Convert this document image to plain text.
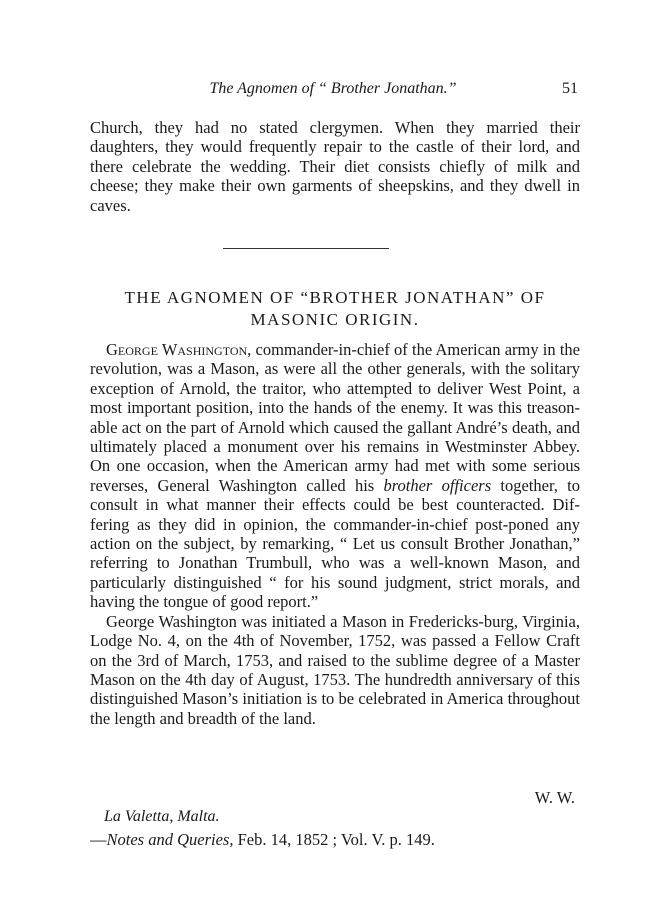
The Agnomen of “ Brother Jonathan.”	51

Church, they had no stated clergymen. When they married their daughters, they would frequently repair to the castle of their lord, and there celebrate the wedding. Their diet consists chiefly of milk and cheese; they make their own garments of sheepskins, and they dwell in caves.

THE AGNOMEN OF “BROTHER JONATHAN” OF
MASONIC ORIGIN.

George Washington, commander-in-chief of the American army in the revolution, was a Mason, as were all the other generals, with the solitary exception of Arnold, the traitor, who attempted to deliver West Point, a most important position, into the hands of the enemy. It was this treason-able act on the part of Arnold which caused the gallant André’s death, and ultimately placed a monument over his remains in Westminster Abbey. On one occasion, when the American army had met with some serious reverses, General Washington called his brother officers together, to consult in what manner their effects could be best counteracted. Dif-fering as they did in opinion, the commander-in-chief post-poned any action on the subject, by remarking, “ Let us consult Brother Jonathan,” referring to Jonathan Trumbull, who was a well-known Mason, and particularly distinguished “ for his sound judgment, strict morals, and having the tongue of good report.”

George Washington was initiated a Mason in Fredericks-burg, Virginia, Lodge No. 4, on the 4th of November, 1752, was passed a Fellow Craft on the 3rd of March, 1753, and raised to the sublime degree of a Master Mason on the 4th day of August, 1753. The hundredth anniversary of this distinguished Mason’s initiation is to be celebrated in America throughout the length and breadth of the land.

W. W.
La Valetta, Malta.
—Notes and Queries, Feb. 14, 1852 ; Vol. V. p. 149.
